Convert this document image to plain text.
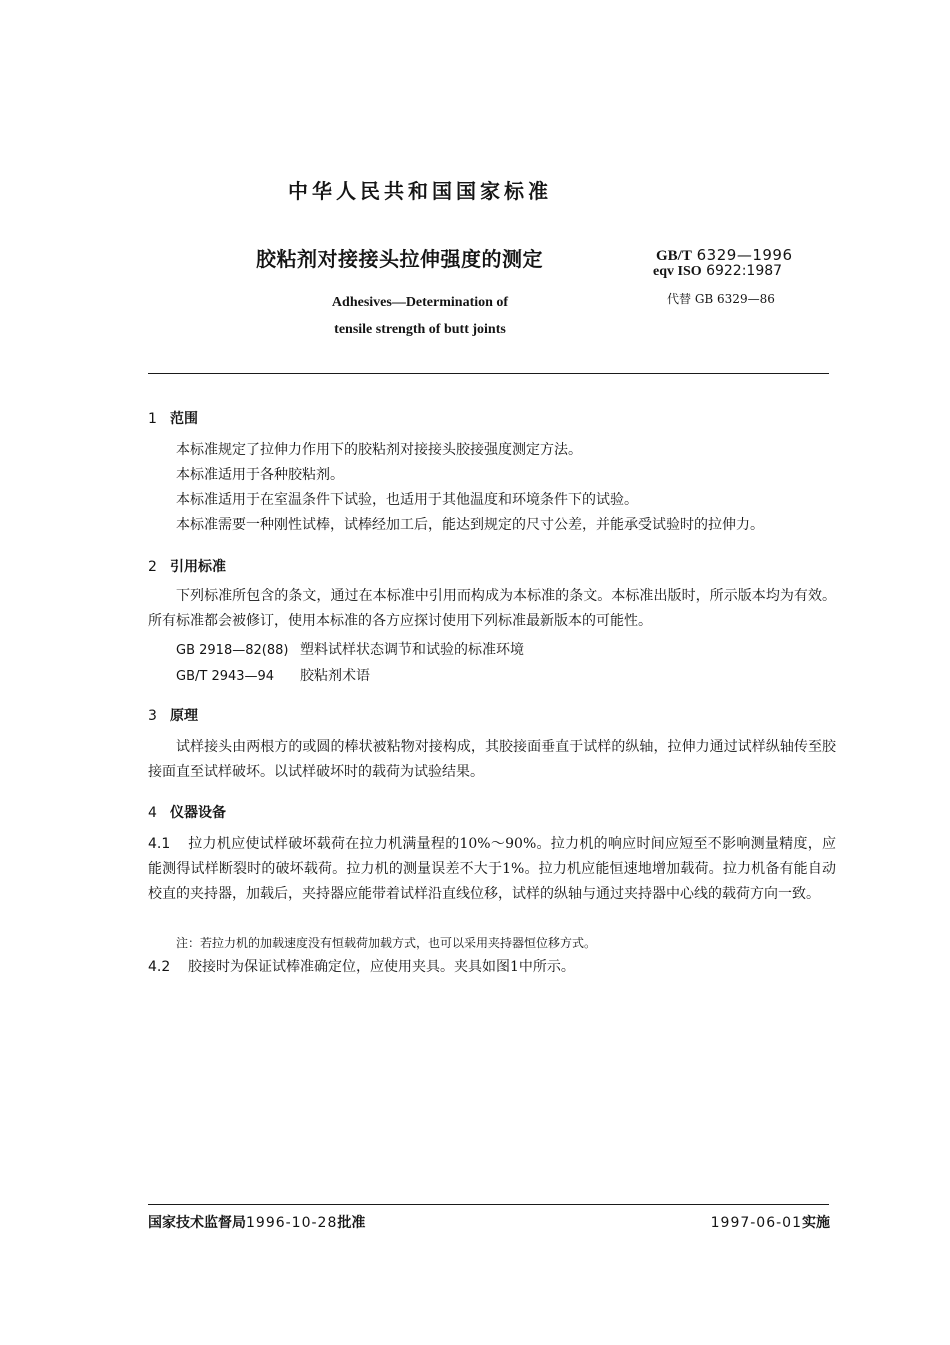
中华人民共和国国家标准
胶粘剂对接接头拉伸强度的测定	GB/T 6329—1996
eqv ISO 6922:1987
代替 GB 6329—86
Adhesives—Determination of
tensile strength of butt joints
1 范围
本标准规定了拉伸力作用下的胶粘剂对接接头胶接强度测定方法。
本标准适用于各种胶粘剂。
本标准适用于在室温条件下试验，也适用于其他温度和环境条件下的试验。
本标准需要一种刚性试棒，试棒经加工后，能达到规定的尺寸公差，并能承受试验时的拉伸力。
2 引用标准
下列标准所包含的条文，通过在本标准中引用而构成为本标准的条文。本标准出版时，所示版本均为有效。所有标准都会被修订，使用本标准的各方应探讨使用下列标准最新版本的可能性。
GB 2918—82(88) 塑料试样状态调节和试验的标准环境
GB/T 2943—94 胶粘剂术语
3 原理
试样接头由两根方的或圆的棒状被粘物对接构成，其胶接面垂直于试样的纵轴，拉伸力通过试样纵轴传至胶接面直至试样破坏。以试样破坏时的载荷为试验结果。
4 仪器设备
4.1 拉力机应使试样破坏载荷在拉力机满量程的10%～90%。拉力机的响应时间应短至不影响测量精度，应能测得试样断裂时的破坏载荷。拉力机的测量误差不大于1%。拉力机应能恒速地增加载荷。拉力机备有能自动校直的夹持器，加载后，夹持器应能带着试样沿直线位移，试样的纵轴与通过夹持器中心线的载荷方向一致。
注：若拉力机的加载速度没有恒载荷加载方式，也可以采用夹持器恒位移方式。
4.2 胶接时为保证试棒准确定位，应使用夹具。夹具如图1中所示。
国家技术监督局1996-10-28批准	1997-06-01实施
